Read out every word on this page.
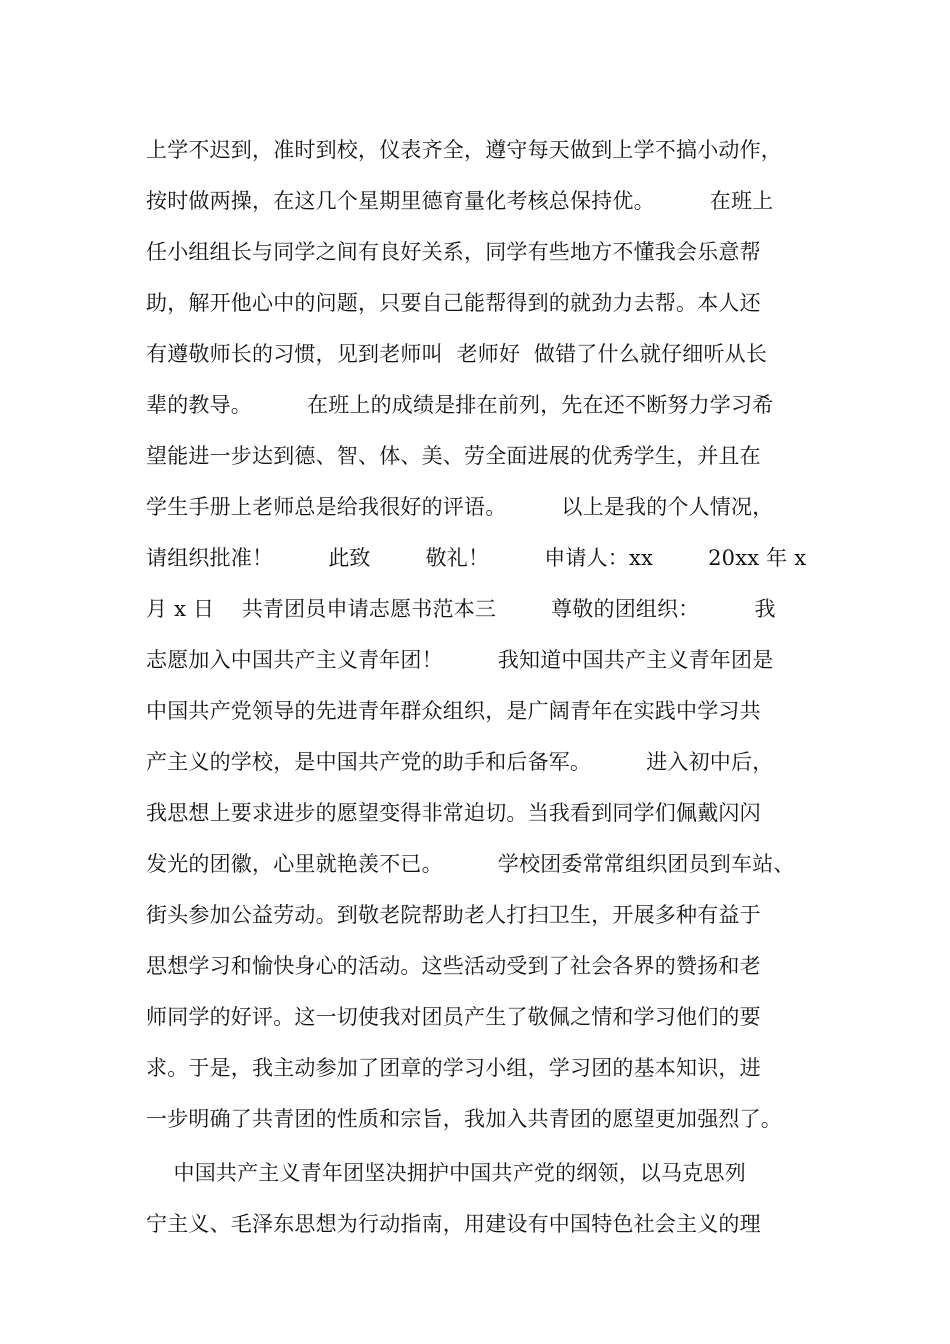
上学不迟到，准时到校，仪表齐全，遵守每天做到上学不搞小动作，
按时做两操，在这几个星期里德育量化考核总保持优。        在班上
任小组组长与同学之间有良好关系，同学有些地方不懂我会乐意帮
助，解开他心中的问题，只要自己能帮得到的就劲力去帮。本人还
有遵敬师长的习惯，见到老师叫  老师好  做错了什么就仔细听从长
辈的教导。        在班上的成绩是排在前列，先在还不断努力学习希
望能进一步达到德、智、体、美、劳全面进展的优秀学生，并且在
学生手册上老师总是给我很好的评语。        以上是我的个人情况，
请组织批准！        此致        敬礼！        申请人：xx        20xx 年 x
月 x 日    共青团员申请志愿书范本三        尊敬的团组织：        我
志愿加入中国共产主义青年团！        我知道中国共产主义青年团是
中国共产党领导的先进青年群众组织，是广阔青年在实践中学习共
产主义的学校，是中国共产党的助手和后备军。        进入初中后，
我思想上要求进步的愿望变得非常迫切。当我看到同学们佩戴闪闪
发光的团徽，心里就艳羡不已。        学校团委常常组织团员到车站、
街头参加公益劳动。到敬老院帮助老人打扫卫生，开展多种有益于
思想学习和愉快身心的活动。这些活动受到了社会各界的赞扬和老
师同学的好评。这一切使我对团员产生了敬佩之情和学习他们的要
求。于是，我主动参加了团章的学习小组，学习团的基本知识，进
一步明确了共青团的性质和宗旨，我加入共青团的愿望更加强烈了。
中国共产主义青年团坚决拥护中国共产党的纲领，以马克思列
宁主义、毛泽东思想为行动指南，用建设有中国特色社会主义的理
